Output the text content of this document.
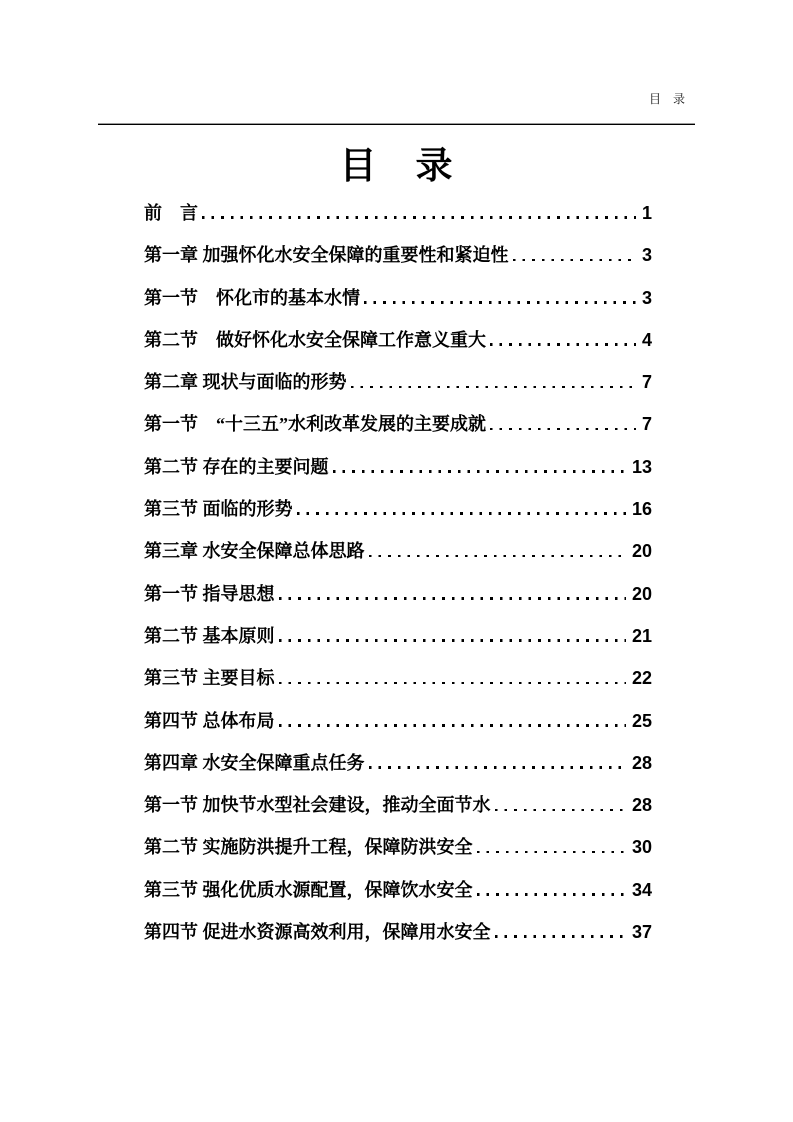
目　录
目　录
前　言	1
第一章 加强怀化水安全保障的重要性和紧迫性	3
第一节　怀化市的基本水情	3
第二节　做好怀化水安全保障工作意义重大	4
第二章 现状与面临的形势	7
第一节　“十三五”水利改革发展的主要成就	7
第二节 存在的主要问题	13
第三节 面临的形势	16
第三章 水安全保障总体思路	20
第一节 指导思想	20
第二节 基本原则	21
第三节 主要目标	22
第四节 总体布局	25
第四章 水安全保障重点任务	28
第一节 加快节水型社会建设，推动全面节水	28
第二节 实施防洪提升工程，保障防洪安全	30
第三节 强化优质水源配置，保障饮水安全	34
第四节 促进水资源高效利用，保障用水安全	37
